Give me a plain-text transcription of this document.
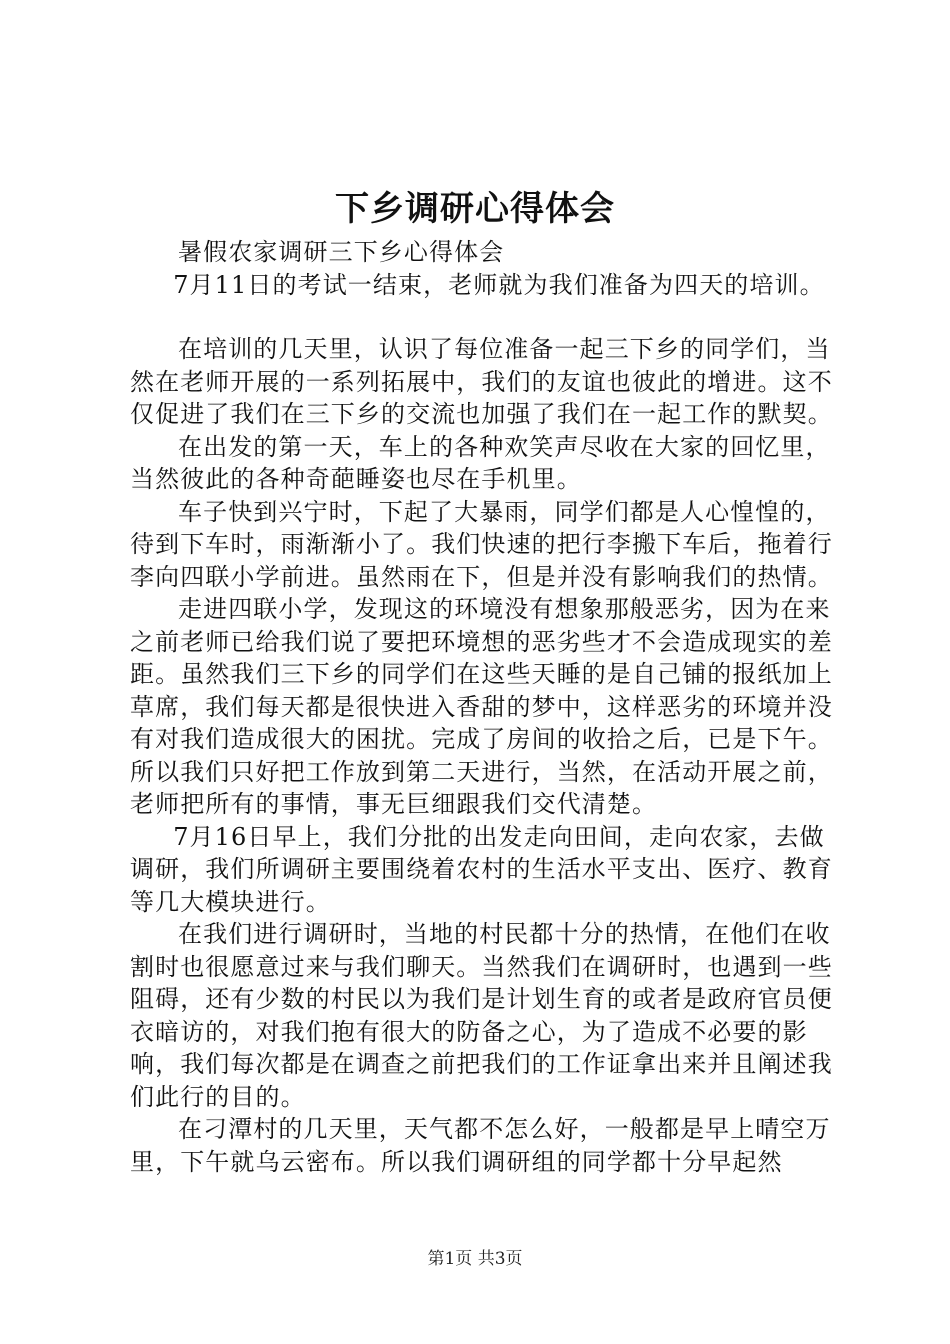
下乡调研心得体会

暑假农家调研三下乡心得体会

7月11日的考试一结束，老师就为我们准备为四天的培训。

在培训的几天里，认识了每位准备一起三下乡的同学们，当然在老师开展的一系列拓展中，我们的友谊也彼此的增进。这不仅促进了我们在三下乡的交流也加强了我们在一起工作的默契。

在出发的第一天，车上的各种欢笑声尽收在大家的回忆里，当然彼此的各种奇葩睡姿也尽在手机里。

车子快到兴宁时，下起了大暴雨，同学们都是人心惶惶的，待到下车时，雨渐渐小了。我们快速的把行李搬下车后，拖着行李向四联小学前进。虽然雨在下，但是并没有影响我们的热情。

走进四联小学，发现这的环境没有想象那般恶劣，因为在来之前老师已给我们说了要把环境想的恶劣些才不会造成现实的差距。虽然我们三下乡的同学们在这些天睡的是自己铺的报纸加上草席，我们每天都是很快进入香甜的梦中，这样恶劣的环境并没有对我们造成很大的困扰。完成了房间的收拾之后，已是下午。所以我们只好把工作放到第二天进行，当然，在活动开展之前，老师把所有的事情，事无巨细跟我们交代清楚。

7月16日早上，我们分批的出发走向田间，走向农家，去做调研，我们所调研主要围绕着农村的生活水平支出、医疗、教育等几大模块进行。

在我们进行调研时，当地的村民都十分的热情，在他们在收割时也很愿意过来与我们聊天。当然我们在调研时，也遇到一些阻碍，还有少数的村民以为我们是计划生育的或者是政府官员便衣暗访的，对我们抱有很大的防备之心，为了造成不必要的影响，我们每次都是在调查之前把我们的工作证拿出来并且阐述我们此行的目的。

在刁潭村的几天里，天气都不怎么好，一般都是早上晴空万里，下午就乌云密布。所以我们调研组的同学都十分早起然

第1页 共3页
